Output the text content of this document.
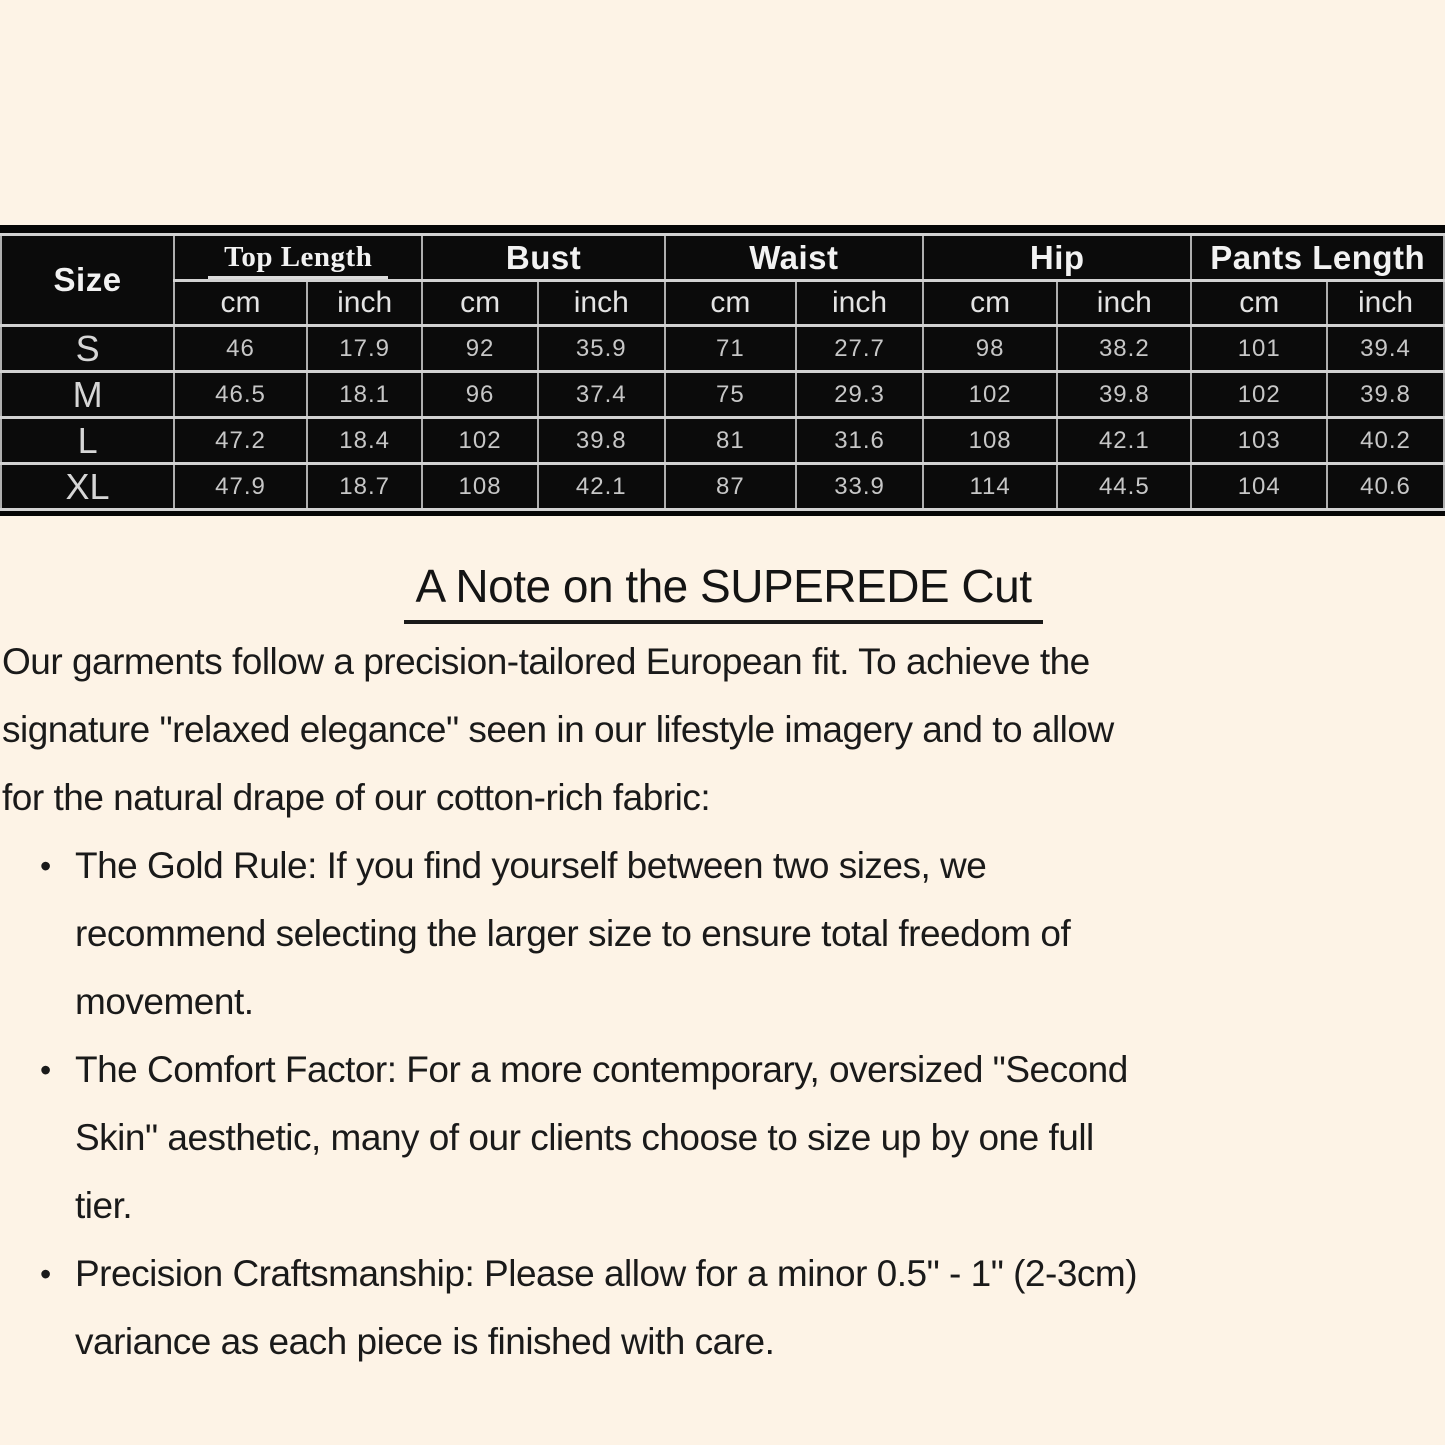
Size	Top Length		Bust		Waist		Hip		Pants Length	
	cm	inch	cm	inch	cm	inch	cm	inch	cm	inch
S	46	17.9	92	35.9	71	27.7	98	38.2	101	39.4
M	46.5	18.1	96	37.4	75	29.3	102	39.8	102	39.8
L	47.2	18.4	102	39.8	81	31.6	108	42.1	103	40.2
XL	47.9	18.7	108	42.1	87	33.9	114	44.5	104	40.6
A Note on the SUPEREDE Cut
Our garments follow a precision-tailored European fit. To achieve the
signature "relaxed elegance" seen in our lifestyle imagery and to allow
for the natural drape of our cotton-rich fabric:
• The Gold Rule: If you find yourself between two sizes, we
recommend selecting the larger size to ensure total freedom of
movement.
• The Comfort Factor: For a more contemporary, oversized "Second
Skin" aesthetic, many of our clients choose to size up by one full
tier.
• Precision Craftsmanship: Please allow for a minor 0.5" - 1" (2-3cm)
variance as each piece is finished with care.
